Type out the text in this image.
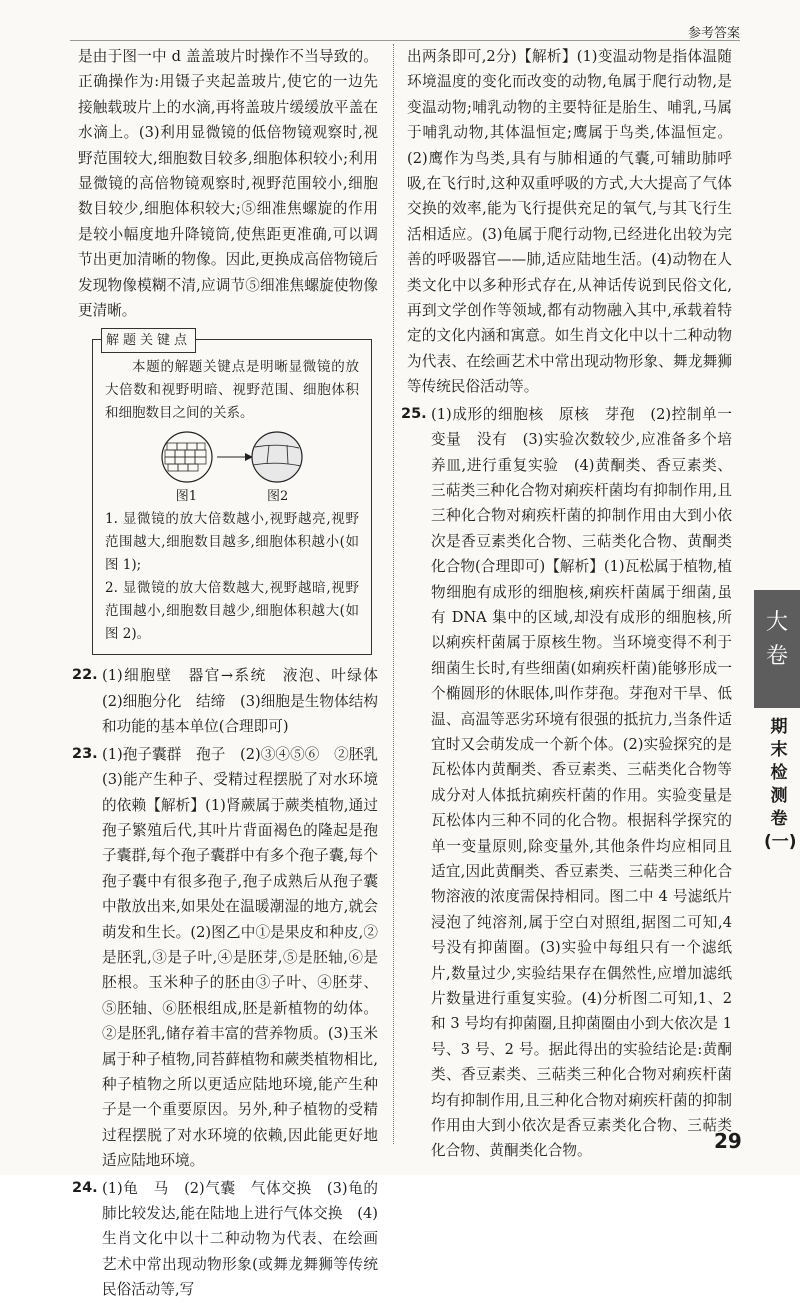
参考答案

是由于图一中 d 盖盖玻片时操作不当导致的。正确操作为:用镊子夹起盖玻片,使它的一边先接触载玻片上的水滴,再将盖玻片缓缓放平盖在水滴上。(3)利用显微镜的低倍物镜观察时,视野范围较大,细胞数目较多,细胞体积较小;利用显微镜的高倍物镜观察时,视野范围较小,细胞数目较少,细胞体积较大;⑤细准焦螺旋的作用是较小幅度地升降镜筒,使焦距更准确,可以调节出更加清晰的物像。因此,更换成高倍物镜后发现物像模糊不清,应调节⑤细准焦螺旋使物像更清晰。

解题关键点

本题的解题关键点是明晰显微镜的放大倍数和视野明暗、视野范围、细胞体积和细胞数目之间的关系。

图1	图2

1. 显微镜的放大倍数越小,视野越亮,视野范围越大,细胞数目越多,细胞体积越小(如图 1);

2. 显微镜的放大倍数越大,视野越暗,视野范围越小,细胞数目越少,细胞体积越大(如图 2)。

22. (1)细胞壁　器官→系统　液泡、叶绿体　(2)细胞分化　结缔　(3)细胞是生物体结构和功能的基本单位(合理即可)
23. (1)孢子囊群　孢子　(2)③④⑤⑥　②胚乳　(3)能产生种子、受精过程摆脱了对水环境的依赖【解析】(1)肾蕨属于蕨类植物,通过孢子繁殖后代,其叶片背面褐色的隆起是孢子囊群,每个孢子囊群中有多个孢子囊,每个孢子囊中有很多孢子,孢子成熟后从孢子囊中散放出来,如果处在温暖潮湿的地方,就会萌发和生长。(2)图乙中①是果皮和种皮,②是胚乳,③是子叶,④是胚芽,⑤是胚轴,⑥是胚根。玉米种子的胚由③子叶、④胚芽、⑤胚轴、⑥胚根组成,胚是新植物的幼体。②是胚乳,储存着丰富的营养物质。(3)玉米属于种子植物,同苔藓植物和蕨类植物相比,种子植物之所以更适应陆地环境,能产生种子是一个重要原因。另外,种子植物的受精过程摆脱了对水环境的依赖,因此能更好地适应陆地环境。
24. (1)龟　马　(2)气囊　气体交换　(3)龟的肺比较发达,能在陆地上进行气体交换　(4)生肖文化中以十二种动物为代表、在绘画艺术中常出现动物形象(或舞龙舞狮等传统民俗活动等,写

出两条即可,2分)【解析】(1)变温动物是指体温随环境温度的变化而改变的动物,龟属于爬行动物,是变温动物;哺乳动物的主要特征是胎生、哺乳,马属于哺乳动物,其体温恒定;鹰属于鸟类,体温恒定。(2)鹰作为鸟类,具有与肺相通的气囊,可辅助肺呼吸,在飞行时,这种双重呼吸的方式,大大提高了气体交换的效率,能为飞行提供充足的氧气,与其飞行生活相适应。(3)龟属于爬行动物,已经进化出较为完善的呼吸器官——肺,适应陆地生活。(4)动物在人类文化中以多种形式存在,从神话传说到民俗文化,再到文学创作等领域,都有动物融入其中,承载着特定的文化内涵和寓意。如生肖文化中以十二种动物为代表、在绘画艺术中常出现动物形象、舞龙舞狮等传统民俗活动等。

25. (1)成形的细胞核　原核　芽孢　(2)控制单一变量　没有　(3)实验次数较少,应准备多个培养皿,进行重复实验　(4)黄酮类、香豆素类、三萜类三种化合物对痢疾杆菌均有抑制作用,且三种化合物对痢疾杆菌的抑制作用由大到小依次是香豆素类化合物、三萜类化合物、黄酮类化合物(合理即可)【解析】(1)瓦松属于植物,植物细胞有成形的细胞核,痢疾杆菌属于细菌,虽有 DNA 集中的区域,却没有成形的细胞核,所以痢疾杆菌属于原核生物。当环境变得不利于细菌生长时,有些细菌(如痢疾杆菌)能够形成一个椭圆形的休眠体,叫作芽孢。芽孢对干旱、低温、高温等恶劣环境有很强的抵抗力,当条件适宜时又会萌发成一个新个体。(2)实验探究的是瓦松体内黄酮类、香豆素类、三萜类化合物等成分对人体抵抗痢疾杆菌的作用。实验变量是瓦松体内三种不同的化合物。根据科学探究的单一变量原则,除变量外,其他条件均应相同且适宜,因此黄酮类、香豆素类、三萜类三种化合物溶液的浓度需保持相同。图二中 4 号滤纸片浸泡了纯溶剂,属于空白对照组,据图二可知,4 号没有抑菌圈。(3)实验中每组只有一个滤纸片,数量过少,实验结果存在偶然性,应增加滤纸片数量进行重复实验。(4)分析图二可知,1、2 和 3 号均有抑菌圈,且抑菌圈由小到大依次是 1 号、3 号、2 号。据此得出的实验结论是:黄酮类、香豆素类、三萜类三种化合物对痢疾杆菌均有抑制作用,且三种化合物对痢疾杆菌的抑制作用由大到小依次是香豆素类化合物、三萜类化合物、黄酮类化合物。
大
卷
期末检测卷(一)
29
